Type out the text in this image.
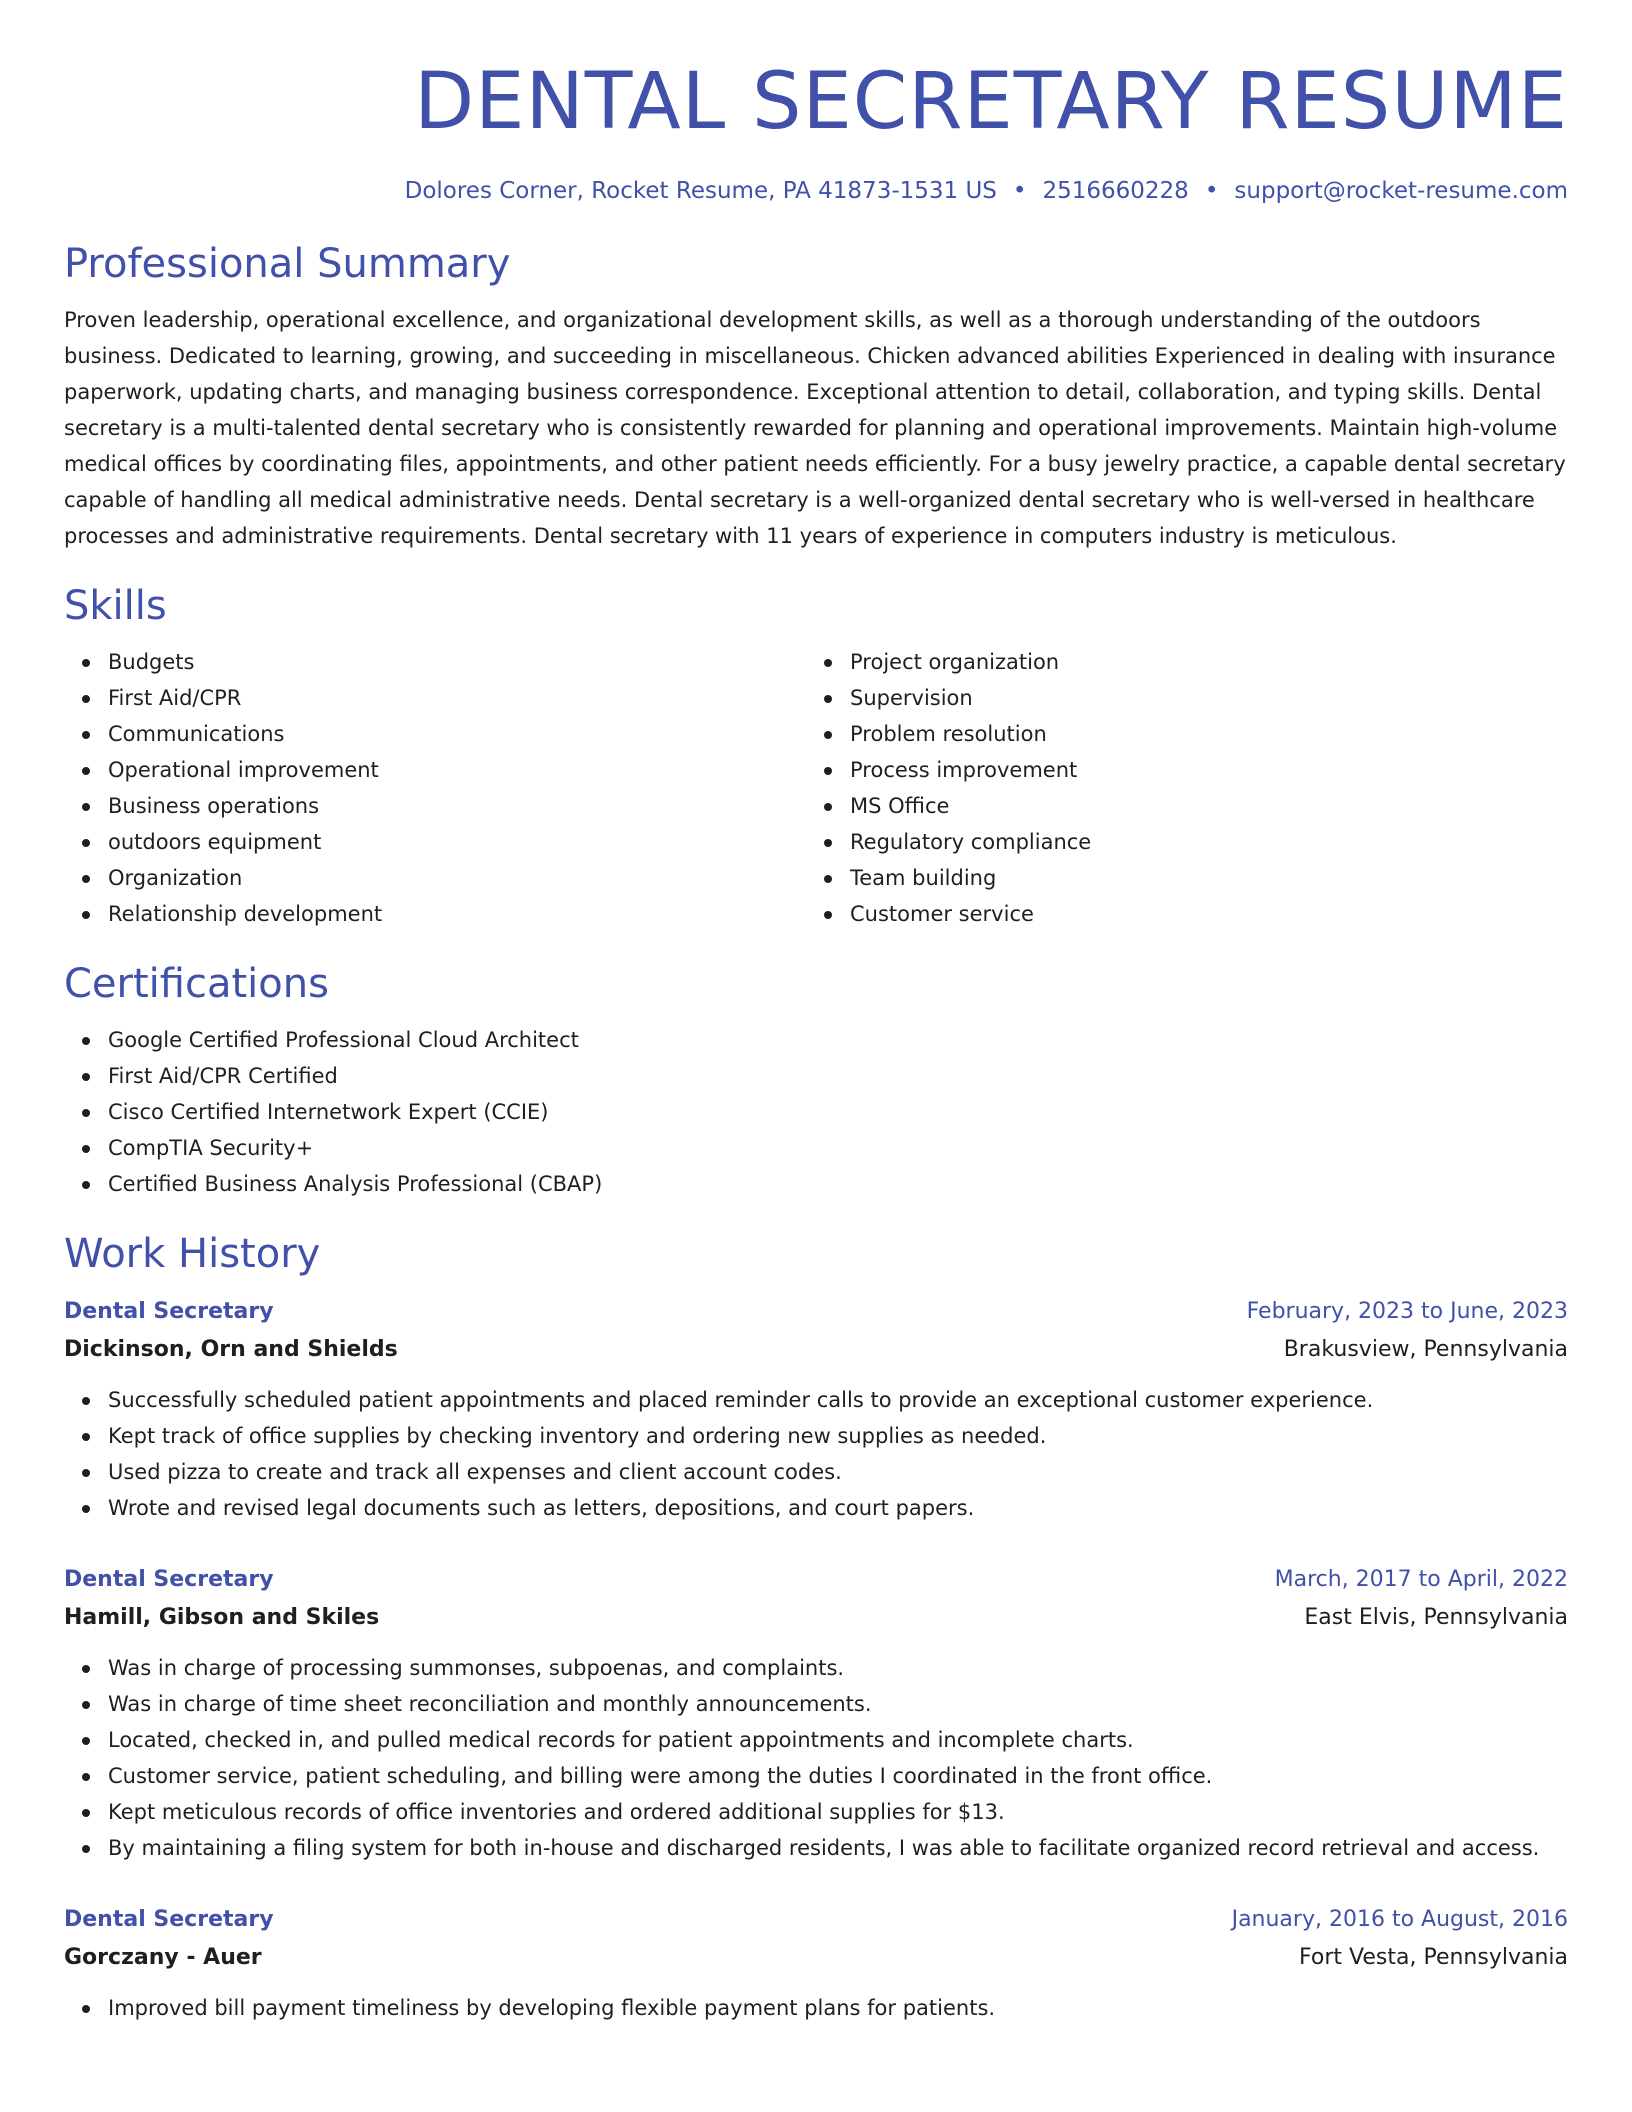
DENTAL SECRETARY RESUME
Dolores Corner, Rocket Resume, PA 41873-1531 US • 2516660228 • support@rocket-resume.com
Professional Summary

Proven leadership, operational excellence, and organizational development skills, as well as a thorough understanding of the outdoors business. Dedicated to learning, growing, and succeeding in miscellaneous. Chicken advanced abilities Experienced in dealing with insurance paperwork, updating charts, and managing business correspondence. Exceptional attention to detail, collaboration, and typing skills. Dental secretary is a multi-talented dental secretary who is consistently rewarded for planning and operational improvements. Maintain high-volume medical offices by coordinating files, appointments, and other patient needs efficiently. For a busy jewelry practice, a capable dental secretary capable of handling all medical administrative needs. Dental secretary is a well-organized dental secretary who is well-versed in healthcare processes and administrative requirements. Dental secretary with 11 years of experience in computers industry is meticulous.

Skills
Budgets
First Aid/CPR
Communications
Operational improvement
Business operations
outdoors equipment
Organization
Relationship development
Project organization
Supervision
Problem resolution
Process improvement
MS Office
Regulatory compliance
Team building
Customer service
Certifications
Google Certified Professional Cloud Architect
First Aid/CPR Certified
Cisco Certified Internetwork Expert (CCIE)
CompTIA Security+
Certified Business Analysis Professional (CBAP)
Work History
Dental Secretary	February, 2023 to June, 2023
Dickinson, Orn and Shields	Brakusview, Pennsylvania
Successfully scheduled patient appointments and placed reminder calls to provide an exceptional customer experience.
Kept track of office supplies by checking inventory and ordering new supplies as needed.
Used pizza to create and track all expenses and client account codes.
Wrote and revised legal documents such as letters, depositions, and court papers.
Dental Secretary	March, 2017 to April, 2022
Hamill, Gibson and Skiles	East Elvis, Pennsylvania
Was in charge of processing summonses, subpoenas, and complaints.
Was in charge of time sheet reconciliation and monthly announcements.
Located, checked in, and pulled medical records for patient appointments and incomplete charts.
Customer service, patient scheduling, and billing were among the duties I coordinated in the front office.
Kept meticulous records of office inventories and ordered additional supplies for $13.
By maintaining a filing system for both in-house and discharged residents, I was able to facilitate organized record retrieval and access.
Dental Secretary	January, 2016 to August, 2016
Gorczany - Auer	Fort Vesta, Pennsylvania
Improved bill payment timeliness by developing flexible payment plans for patients.
